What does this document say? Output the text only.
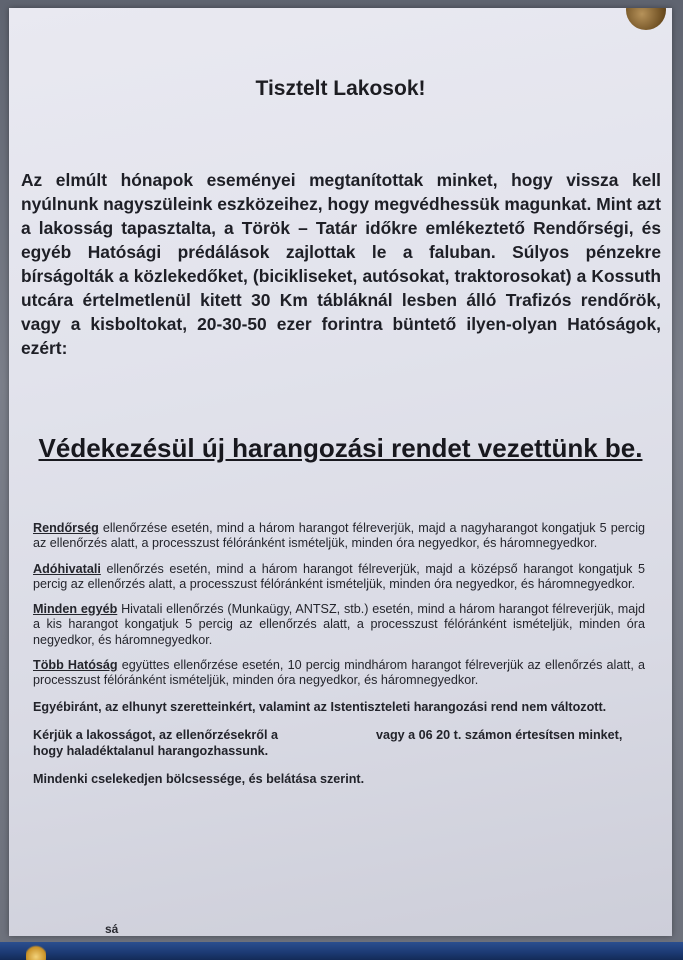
Tisztelt Lakosok!
Az elmúlt hónapok eseményei megtanítottak minket, hogy vissza kell nyúlnunk nagyszüleink eszközeihez, hogy megvédhessük magunkat. Mint azt a lakosság tapasztalta, a Török – Tatár időkre emlékeztető Rendőrségi, és egyéb Hatósági prédálások zajlottak le a faluban. Súlyos pénzekre bírságolták a közlekedőket, (bicikliseket, autósokat, traktorosokat) a Kossuth utcára értelmetlenül kitett 30 Km tábláknál lesben álló Trafizós rendőrök, vagy a kisboltokat, 20-30-50 ezer forintra büntető ilyen-olyan Hatóságok, ezért:
Védekezésül új harangozási rendet vezettünk be.

Rendőrség ellenőrzése esetén, mind a három harangot félreverjük, majd a nagyharangot kongatjuk 5 percig az ellenőrzés alatt, a processzust félóránként ismételjük, minden óra negyedkor, és háromnegyedkor.

Adóhivatali ellenőrzés esetén, mind a három harangot félreverjük, majd a középső harangot kongatjuk 5 percig az ellenőrzés alatt, a processzust félóránként ismételjük, minden óra negyedkor, és háromnegyedkor.

Minden egyéb Hivatali ellenőrzés (Munkaügy, ANTSZ, stb.) esetén, mind a három harangot félreverjük, majd a kis harangot kongatjuk 5 percig az ellenőrzés alatt, a processzust félóránként ismételjük, minden óra negyedkor, és háromnegyedkor.

Több Hatóság együttes ellenőrzése esetén, 10 percig mindhárom harangot félreverjük az ellenőrzés alatt, a processzust félóránként ismételjük, minden óra negyedkor, és háromnegyedkor.

Egyébiránt, az elhunyt szeretteinkért, valamint az Istentiszteleti harangozási rend nem változott.

Kérjük a lakosságot, az ellenőrzésekről a                            vagy a 06 20 t. számon értesítsen minket, hogy haladéktalanul harangozhassunk.

Mindenki cselekedjen bölcsessége, és belátása szerint.

sá
